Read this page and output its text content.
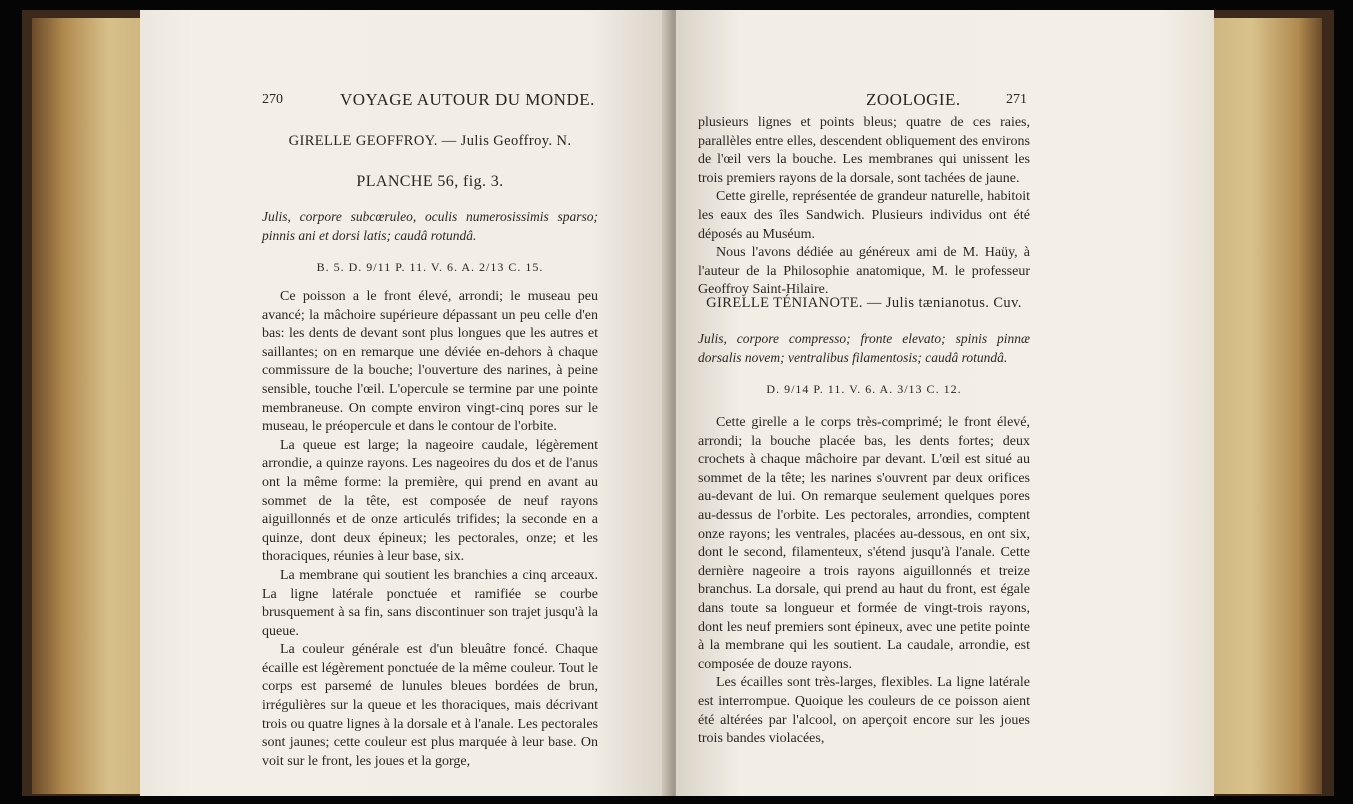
270	VOYAGE AUTOUR DU MONDE.
GIRELLE GEOFFROY. — Julis Geoffroy. N.
PLANCHE 56, fig. 3.
Julis, corpore subcœruleo, oculis numerosissimis sparso; pinnis ani et dorsi latis; caudâ rotundâ.
B. 5. D. 9/11 P. 11. V. 6. A. 2/13 C. 15.

Ce poisson a le front élevé, arrondi; le museau peu avancé; la mâchoire supérieure dépassant un peu celle d'en bas: les dents de devant sont plus longues que les autres et saillantes; on en remarque une déviée en-dehors à chaque commissure de la bouche; l'ouverture des narines, à peine sensible, touche l'œil. L'opercule se termine par une pointe membraneuse. On compte environ vingt-cinq pores sur le museau, le préopercule et dans le contour de l'orbite.

La queue est large; la nageoire caudale, légèrement arrondie, a quinze rayons. Les nageoires du dos et de l'anus ont la même forme: la première, qui prend en avant au sommet de la tête, est composée de neuf rayons aiguillonnés et de onze articulés trifides; la seconde en a quinze, dont deux épineux; les pectorales, onze; et les thoraciques, réunies à leur base, six.

La membrane qui soutient les branchies a cinq arceaux. La ligne latérale ponctuée et ramifiée se courbe brusquement à sa fin, sans discontinuer son trajet jusqu'à la queue.

La couleur générale est d'un bleuâtre foncé. Chaque écaille est légèrement ponctuée de la même couleur. Tout le corps est parsemé de lunules bleues bordées de brun, irrégulières sur la queue et les thoraciques, mais décrivant trois ou quatre lignes à la dorsale et à l'anale. Les pectorales sont jaunes; cette couleur est plus marquée à leur base. On voit sur le front, les joues et la gorge,

ZOOLOGIE.	271

plusieurs lignes et points bleus; quatre de ces raies, parallèles entre elles, descendent obliquement des environs de l'œil vers la bouche. Les membranes qui unissent les trois premiers rayons de la dorsale, sont tachées de jaune.

Cette girelle, représentée de grandeur naturelle, habitoit les eaux des îles Sandwich. Plusieurs individus ont été déposés au Muséum.

Nous l'avons dédiée au généreux ami de M. Haüy, à l'auteur de la Philosophie anatomique, M. le professeur Geoffroy Saint-Hilaire.

GIRELLE TÉNIANOTE. — Julis tænianotus. Cuv.
Julis, corpore compresso; fronte elevato; spinis pinnæ dorsalis novem; ventralibus filamentosis; caudâ rotundâ.
D. 9/14 P. 11. V. 6. A. 3/13 C. 12.

Cette girelle a le corps très-comprimé; le front élevé, arrondi; la bouche placée bas, les dents fortes; deux crochets à chaque mâchoire par devant. L'œil est situé au sommet de la tête; les narines s'ouvrent par deux orifices au-devant de lui. On remarque seulement quelques pores au-dessus de l'orbite. Les pectorales, arrondies, comptent onze rayons; les ventrales, placées au-dessous, en ont six, dont le second, filamenteux, s'étend jusqu'à l'anale. Cette dernière nageoire a trois rayons aiguillonnés et treize branchus. La dorsale, qui prend au haut du front, est égale dans toute sa longueur et formée de vingt-trois rayons, dont les neuf premiers sont épineux, avec une petite pointe à la membrane qui les soutient. La caudale, arrondie, est composée de douze rayons.

Les écailles sont très-larges, flexibles. La ligne latérale est interrompue. Quoique les couleurs de ce poisson aient été altérées par l'alcool, on aperçoit encore sur les joues trois bandes violacées,
